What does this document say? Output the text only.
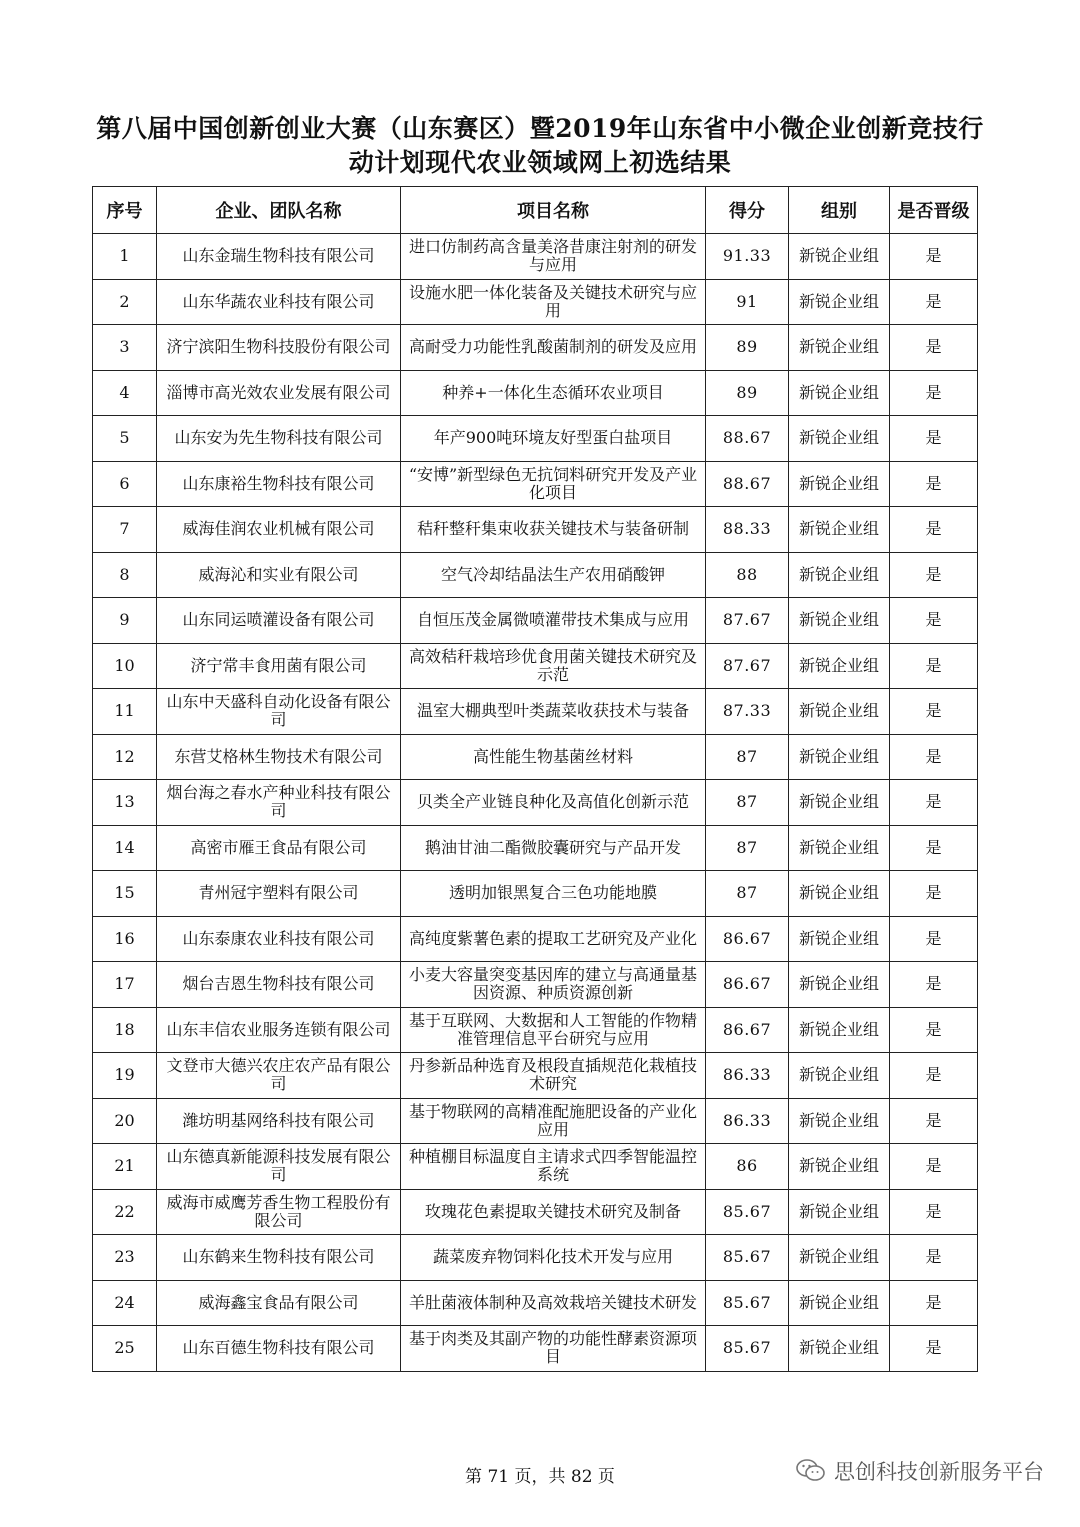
第八届中国创新创业大赛（山东赛区）暨2019年山东省中小微企业创新竞技行
动计划现代农业领域网上初选结果
序号	企业、团队名称	项目名称	得分	组别	是否晋级
1	山东金瑞生物科技有限公司	进口仿制药高含量美洛昔康注射剂的研发与应用	91.33	新锐企业组	是
2	山东华蔬农业科技有限公司	设施水肥一体化装备及关键技术研究与应用	91	新锐企业组	是
3	济宁滨阳生物科技股份有限公司	高耐受力功能性乳酸菌制剂的研发及应用	89	新锐企业组	是
4	淄博市高光效农业发展有限公司	种养+一体化生态循环农业项目	89	新锐企业组	是
5	山东安为先生物科技有限公司	年产900吨环境友好型蛋白盐项目	88.67	新锐企业组	是
6	山东康裕生物科技有限公司	“安博”新型绿色无抗饲料研究开发及产业化项目	88.67	新锐企业组	是
7	威海佳润农业机械有限公司	秸秆整秆集束收获关键技术与装备研制	88.33	新锐企业组	是
8	威海沁和实业有限公司	空气冷却结晶法生产农用硝酸钾	88	新锐企业组	是
9	山东同运喷灌设备有限公司	自恒压茂金属微喷灌带技术集成与应用	87.67	新锐企业组	是
10	济宁常丰食用菌有限公司	高效秸秆栽培珍优食用菌关键技术研究及示范	87.67	新锐企业组	是
11	山东中天盛科自动化设备有限公司	温室大棚典型叶类蔬菜收获技术与装备	87.33	新锐企业组	是
12	东营艾格林生物技术有限公司	高性能生物基菌丝材料	87	新锐企业组	是
13	烟台海之春水产种业科技有限公司	贝类全产业链良种化及高值化创新示范	87	新锐企业组	是
14	高密市雁王食品有限公司	鹅油甘油二酯微胶囊研究与产品开发	87	新锐企业组	是
15	青州冠宇塑料有限公司	透明加银黑复合三色功能地膜	87	新锐企业组	是
16	山东泰康农业科技有限公司	高纯度紫薯色素的提取工艺研究及产业化	86.67	新锐企业组	是
17	烟台吉恩生物科技有限公司	小麦大容量突变基因库的建立与高通量基因资源、种质资源创新	86.67	新锐企业组	是
18	山东丰信农业服务连锁有限公司	基于互联网、大数据和人工智能的作物精准管理信息平台研究与应用	86.67	新锐企业组	是
19	文登市大德兴农庄农产品有限公司	丹参新品种选育及根段直插规范化栽植技术研究	86.33	新锐企业组	是
20	潍坊明基网络科技有限公司	基于物联网的高精准配施肥设备的产业化应用	86.33	新锐企业组	是
21	山东德真新能源科技发展有限公司	种植棚目标温度自主请求式四季智能温控系统	86	新锐企业组	是
22	威海市威鹰芳香生物工程股份有限公司	玫瑰花色素提取关键技术研究及制备	85.67	新锐企业组	是
23	山东鹤来生物科技有限公司	蔬菜废弃物饲料化技术开发与应用	85.67	新锐企业组	是
24	威海鑫宝食品有限公司	羊肚菌液体制种及高效栽培关键技术研发	85.67	新锐企业组	是
25	山东百德生物科技有限公司	基于肉类及其副产物的功能性酵素资源项目	85.67	新锐企业组	是
第 71 页，共 82 页	思创科技创新服务平台
